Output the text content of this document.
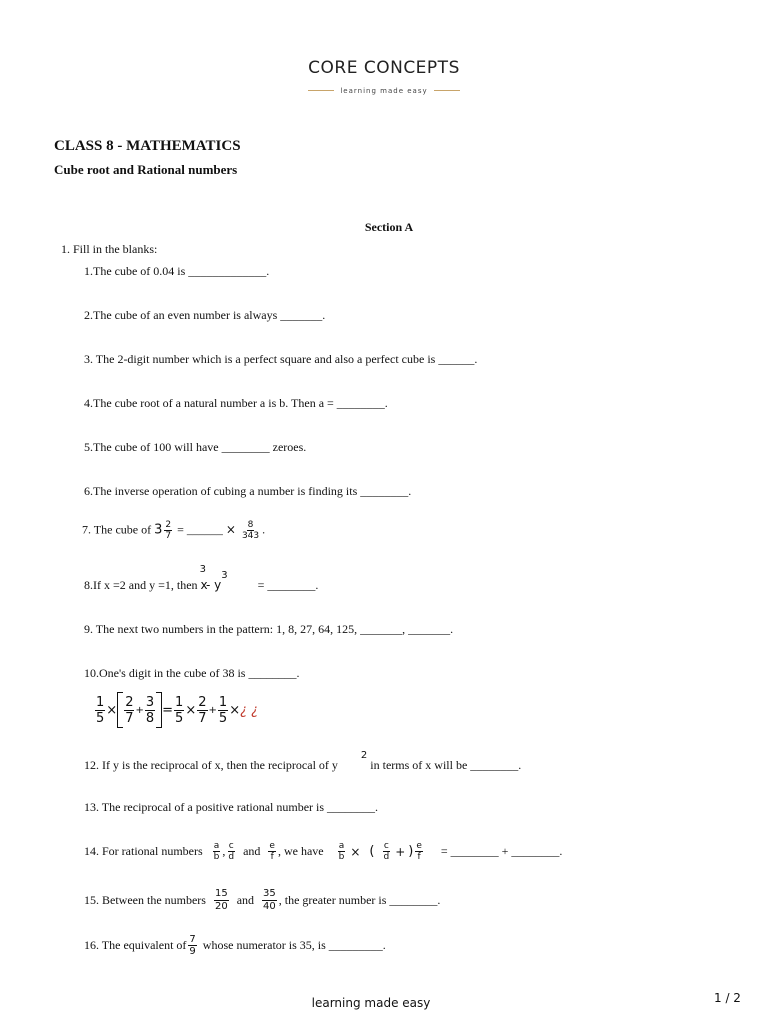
CORE CONCEPTS
learning made easy
CLASS 8 - MATHEMATICS
Cube root and Rational numbers
Section A
1. Fill in the blanks:
1.The cube of 0.04 is _____________.
2.The cube of an even number is always _______.
3. The 2-digit number which is a perfect square and also a perfect cube is ______.
4.The cube root of a natural number a is b. Then a = ________.
5.The cube of 100 will have ________ zeroes.
6.The inverse operation of cubing a number is finding its ________.
7. The cube of $3 \frac{2}{7}$ = ______ × $\frac{8}{343}$ .
8.If x =2 and y =1, then $x^3-$ $y^3$  = ________.
9. The next two numbers in the pattern: 1, 8, 27, 64, 125, _______, _______.
10.One's digit in the cube of 38 is ________.
$\frac{1}{5} \times \frac{2}{7} + \frac{3}{8} = \frac{1}{5} \times \frac{2}{7} + \frac{1}{5}$ × ¿ ¿
12. If y is the reciprocal of x, then the reciprocal of y $^2$ in terms of x will be ________.
13. The reciprocal of a positive rational number is ________.
14. For rational numbers $\frac{a}{b}$ , $\frac{c}{d}$ and $\frac{e}{f}$ , we have $\frac{a}{b}$ × ( $\frac{c}{d}$ + ) $\frac{e}{f}$ = ________ + ________.
15. Between the numbers $\frac{15}{20}$ and $\frac{35}{40}$ , the greater number is ________.
16. The equivalent of $\frac{7}{9}$ whose numerator is 35, is _________.
learning made easy	1 / 2
